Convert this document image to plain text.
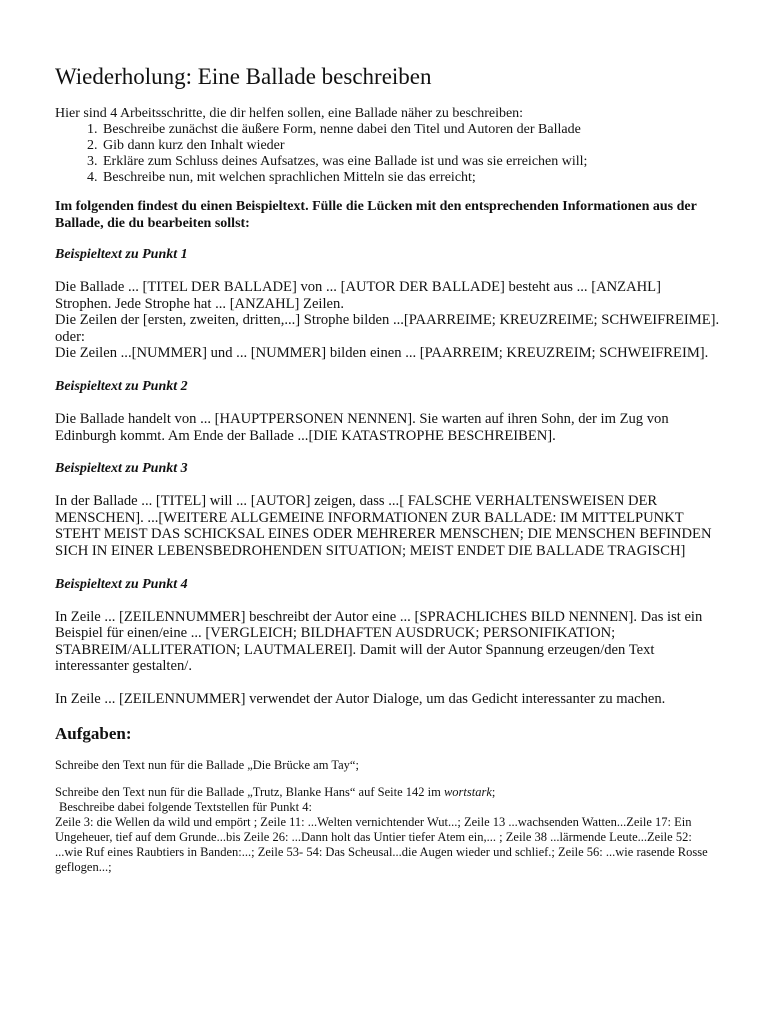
Wiederholung: Eine Ballade beschreiben

Hier sind 4 Arbeitsschritte, die dir helfen sollen, eine Ballade näher zu beschreiben:

1. Beschreibe zunächst die äußere Form, nenne dabei den Titel und Autoren der Ballade
2. Gib dann kurz den Inhalt wieder
3. Erkläre zum Schluss deines Aufsatzes, was eine Ballade ist und was sie erreichen will;
4. Beschreibe nun, mit welchen sprachlichen Mitteln sie das erreicht;

Im folgenden findest du einen Beispieltext. Fülle die Lücken mit den entsprechenden Informationen aus der Ballade, die du bearbeiten sollst:

Beispieltext zu Punkt 1

Die Ballade ... [TITEL DER BALLADE] von ... [AUTOR DER BALLADE] besteht aus ... [ANZAHL] Strophen. Jede Strophe hat ... [ANZAHL] Zeilen.

Die Zeilen der [ersten, zweiten, dritten,...] Strophe bilden ...[PAARREIME; KREUZREIME; SCHWEIFREIME].

oder:

Die Zeilen ...[NUMMER] und ... [NUMMER] bilden einen ... [PAARREIM; KREUZREIM; SCHWEIFREIM].

Beispieltext zu Punkt 2

Die Ballade handelt von ... [HAUPTPERSONEN NENNEN]. Sie warten auf ihren Sohn, der im Zug von Edinburgh kommt. Am Ende der Ballade ...[DIE KATASTROPHE BESCHREIBEN].

Beispieltext zu Punkt 3

In der Ballade ... [TITEL] will ... [AUTOR] zeigen, dass ...[ FALSCHE VERHALTENSWEISEN DER MENSCHEN]. ...[WEITERE ALLGEMEINE INFORMATIONEN ZUR BALLADE: IM MITTELPUNKT STEHT MEIST DAS SCHICKSAL EINES ODER MEHRERER MENSCHEN; DIE MENSCHEN BEFINDEN SICH IN EINER LEBENSBEDROHENDEN SITUATION; MEIST ENDET DIE BALLADE TRAGISCH]

Beispieltext zu Punkt 4

In Zeile ... [ZEILENNUMMER] beschreibt der Autor eine ... [SPRACHLICHES BILD NENNEN]. Das ist ein Beispiel für einen/eine ... [VERGLEICH; BILDHAFTEN AUSDRUCK; PERSONIFIKATION; STABREIM/ALLITERATION; LAUTMALEREI]. Damit will der Autor Spannung erzeugen/den Text interessanter gestalten/.

In Zeile ... [ZEILENNUMMER] verwendet der Autor Dialoge, um das Gedicht interessanter zu machen.

Aufgaben:

Schreibe den Text nun für die Ballade „Die Brücke am Tay“;

Schreibe den Text nun für die Ballade „Trutz, Blanke Hans“ auf Seite 142 im wortstark;

Beschreibe dabei folgende Textstellen für Punkt 4:

Zeile 3: die Wellen da wild und empört ; Zeile 11: ...Welten vernichtender Wut...; Zeile 13 ...wachsenden Watten...Zeile 17: Ein Ungeheuer, tief auf dem Grunde...bis Zeile 26: ...Dann holt das Untier tiefer Atem ein,... ; Zeile 38 ...lärmende Leute...Zeile 52: ...wie Ruf eines Raubtiers in Banden:...; Zeile 53- 54: Das Scheusal...die Augen wieder und schlief.; Zeile 56: ...wie rasende Rosse geflogen...;
